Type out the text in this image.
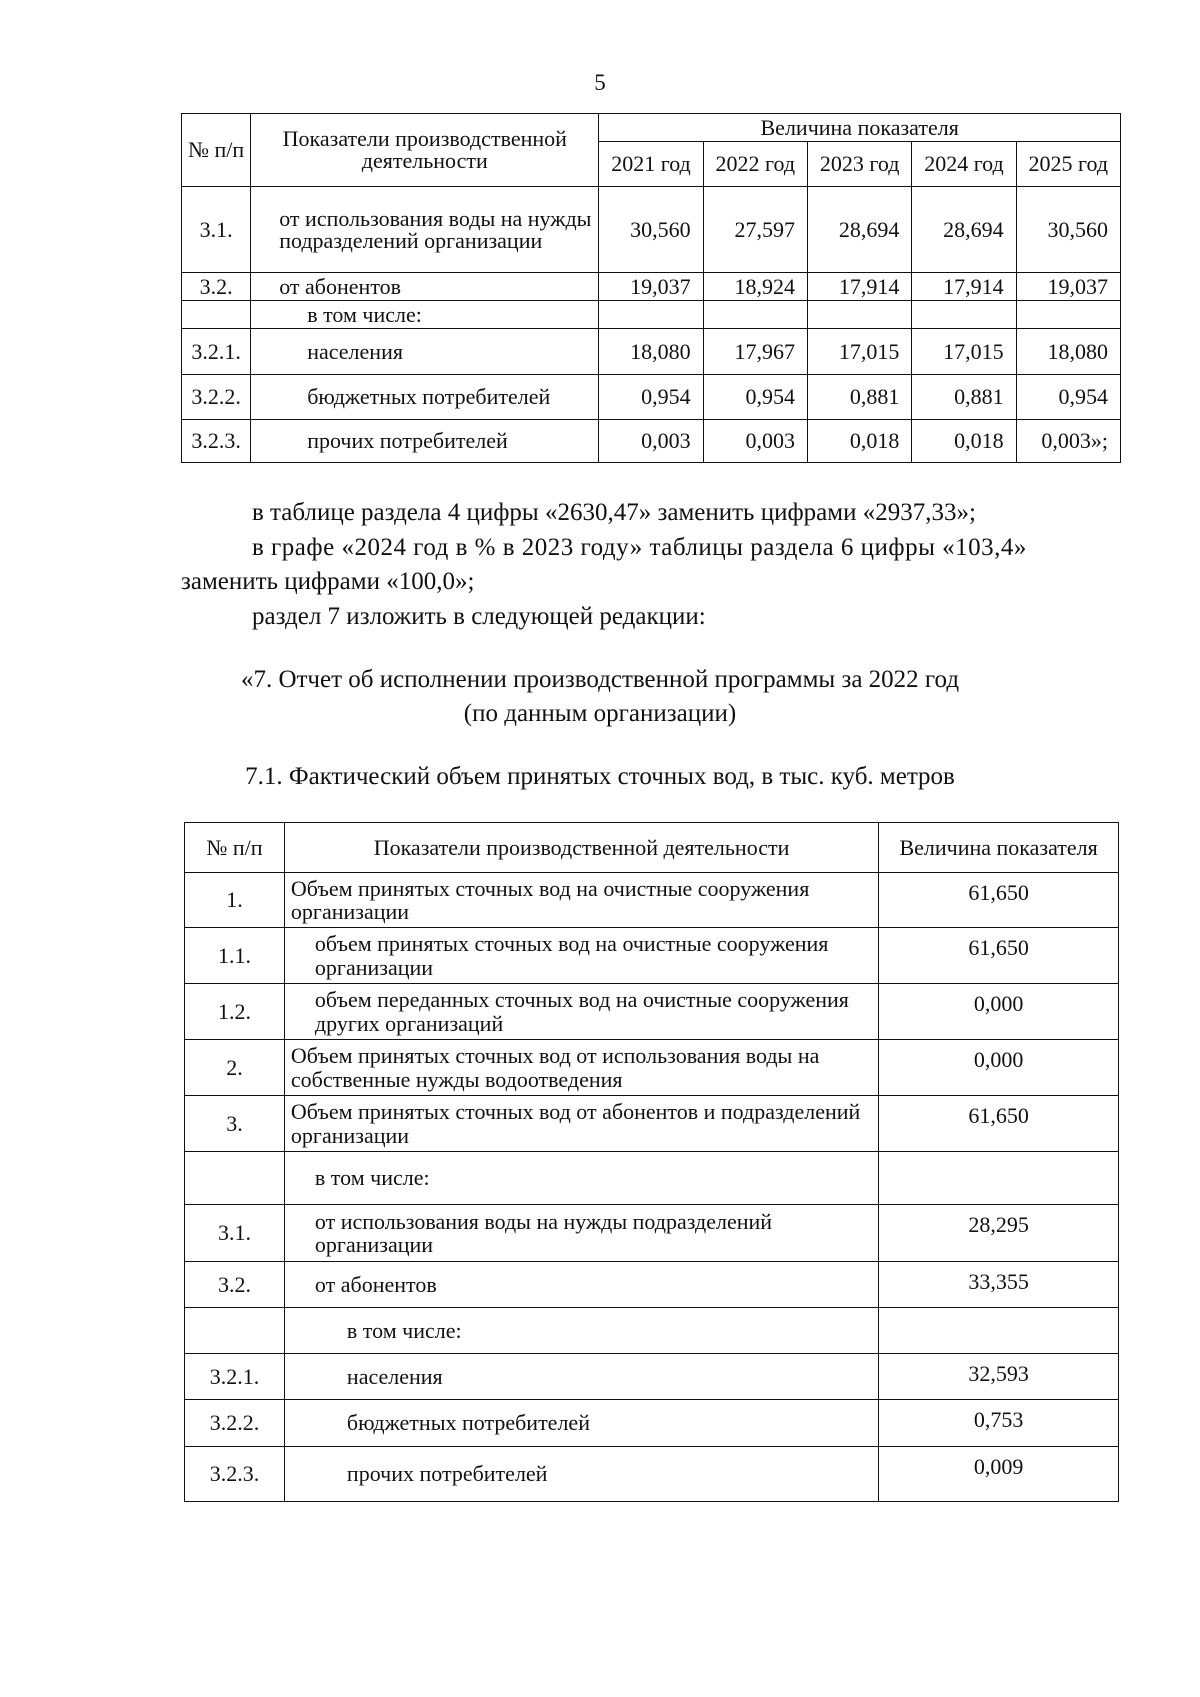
5
№ п/п	Показатели производственной деятельности	Величина показателя				
		2021 год	2022 год	2023 год	2024 год	2025 год
3.1.	от использования воды на нужды подразделений организации	30,560	27,597	28,694	28,694	30,560
3.2.	от абонентов	19,037	18,924	17,914	17,914	19,037
	в том числе:					
3.2.1.	населения	18,080	17,967	17,015	17,015	18,080
3.2.2.	бюджетных потребителей	0,954	0,954	0,881	0,881	0,954
3.2.3.	прочих потребителей	0,003	0,003	0,018	0,018	0,003»;
в таблице раздела 4 цифры «2630,47» заменить цифрами «2937,33»;
в графе «2024 год в % в 2023 году» таблицы раздела 6 цифры «103,4»
заменить цифрами «100,0»;
раздел 7 изложить в следующей редакции:
«7. Отчет об исполнении производственной программы за 2022 год
(по данным организации)
7.1. Фактический объем принятых сточных вод, в тыс. куб. метров
№ п/п	Показатели производственной деятельности	Величина показателя
1.	Объем принятых сточных вод на очистные сооружения организации	61,650
1.1.	объем принятых сточных вод на очистные сооружения организации	61,650
1.2.	объем переданных сточных вод на очистные сооружения других организаций	0,000
2.	Объем принятых сточных вод от использования воды на собственные нужды водоотведения	0,000
3.	Объем принятых сточных вод от абонентов и подразделений организации	61,650
	в том числе:	
3.1.	от использования воды на нужды подразделений организации	28,295
3.2.	от абонентов	33,355
	в том числе:	
3.2.1.	населения	32,593
3.2.2.	бюджетных потребителей	0,753
3.2.3.	прочих потребителей	0,009
